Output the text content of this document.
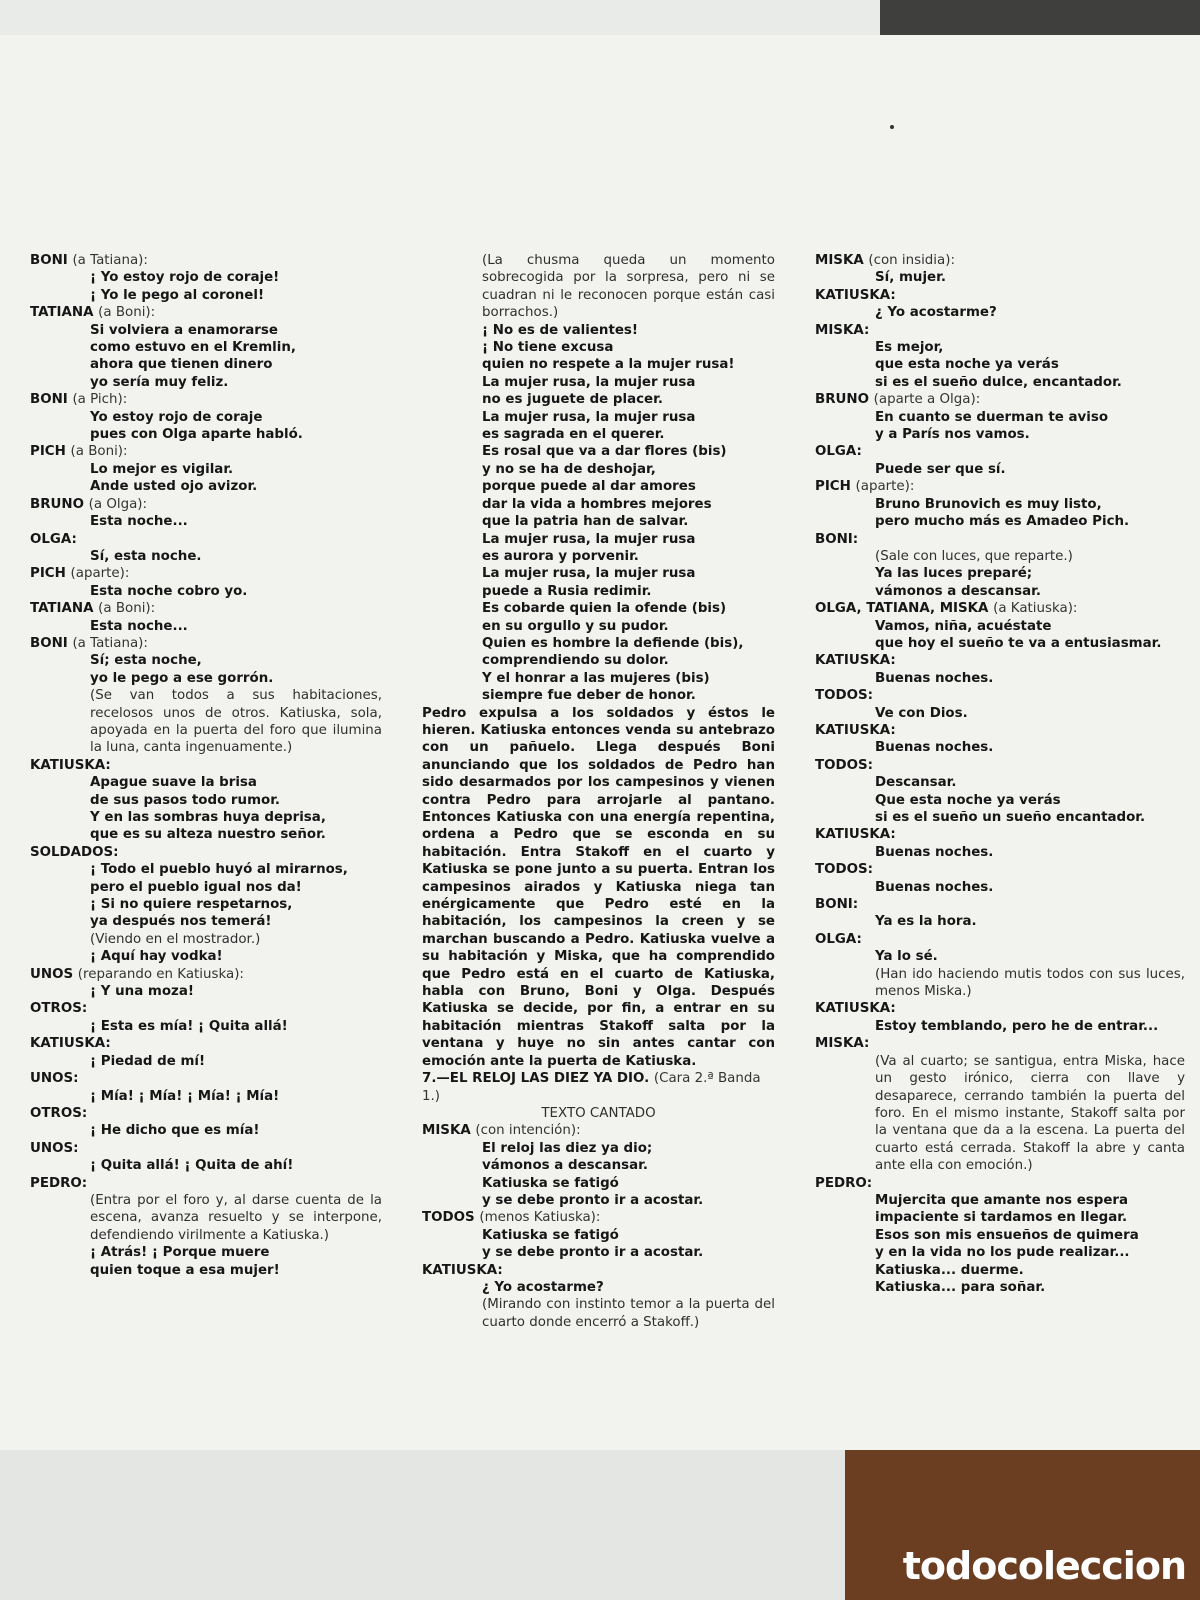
BONI (a Tatiana):
¡ Yo estoy rojo de coraje!
¡ Yo le pego al coronel!
TATIANA (a Boni):
Si volviera a enamorarse
como estuvo en el Kremlin,
ahora que tienen dinero
yo sería muy feliz.
BONI (a Pich):
Yo estoy rojo de coraje
pues con Olga aparte habló.
PICH (a Boni):
Lo mejor es vigilar.
Ande usted ojo avizor.
BRUNO (a Olga):
Esta noche...
OLGA:
Sí, esta noche.
PICH (aparte):
Esta noche cobro yo.
TATIANA (a Boni):
Esta noche...
BONI (a Tatiana):
Sí; esta noche,
yo le pego a ese gorrón.
(Se van todos a sus habitaciones, recelosos unos de otros. Katiuska, sola, apoyada en la puerta del foro que ilumina la luna, canta ingenuamente.)
KATIUSKA:
Apague suave la brisa
de sus pasos todo rumor.
Y en las sombras huya deprisa,
que es su alteza nuestro señor.
SOLDADOS:
¡ Todo el pueblo huyó al mirarnos,
pero el pueblo igual nos da!
¡ Si no quiere respetarnos,
ya después nos temerá!
(Viendo en el mostrador.)
¡ Aquí hay vodka!
UNOS (reparando en Katiuska):
¡ Y una moza!
OTROS:
¡ Esta es mía! ¡ Quita allá!
KATIUSKA:
¡ Piedad de mí!
UNOS:
¡ Mía! ¡ Mía! ¡ Mía! ¡ Mía!
OTROS:
¡ He dicho que es mía!
UNOS:
¡ Quita allá! ¡ Quita de ahí!
PEDRO:
(Entra por el foro y, al darse cuenta de la escena, avanza resuelto y se interpone, defendiendo virilmente a Katiuska.)
¡ Atrás! ¡ Porque muere
quien toque a esa mujer!
(La chusma queda un momento sobrecogida por la sorpresa, pero ni se cuadran ni le reconocen porque están casi borrachos.)
¡ No es de valientes!
¡ No tiene excusa
quien no respete a la mujer rusa!
La mujer rusa, la mujer rusa
no es juguete de placer.
La mujer rusa, la mujer rusa
es sagrada en el querer.
Es rosal que va a dar flores (bis)
y no se ha de deshojar,
porque puede al dar amores
dar la vida a hombres mejores
que la patria han de salvar.
La mujer rusa, la mujer rusa
es aurora y porvenir.
La mujer rusa, la mujer rusa
puede a Rusia redimir.
Es cobarde quien la ofende (bis)
en su orgullo y su pudor.
Quien es hombre la defiende (bis),
comprendiendo su dolor.
Y el honrar a las mujeres (bis)
siempre fue deber de honor.
Pedro expulsa a los soldados y éstos le hieren. Katiuska entonces venda su antebrazo con un pañuelo. Llega después Boni anunciando que los soldados de Pedro han sido desarmados por los campesinos y vienen contra Pedro para arrojarle al pantano. Entonces Katiuska con una energía repentina, ordena a Pedro que se esconda en su habitación. Entra Stakoff en el cuarto y Katiuska se pone junto a su puerta. Entran los campesinos airados y Katiuska niega tan enérgicamente que Pedro esté en la habitación, los campesinos la creen y se marchan buscando a Pedro. Katiuska vuelve a su habitación y Miska, que ha comprendido que Pedro está en el cuarto de Katiuska, habla con Bruno, Boni y Olga. Después Katiuska se decide, por fin, a entrar en su habitación mientras Stakoff salta por la ventana y huye no sin antes cantar con emoción ante la puerta de Katiuska.
7.—EL RELOJ LAS DIEZ YA DIO. (Cara 2.ª Banda 1.)
TEXTO CANTADO
MISKA (con intención):
El reloj las diez ya dio;
vámonos a descansar.
Katiuska se fatigó
y se debe pronto ir a acostar.
TODOS (menos Katiuska):
Katiuska se fatigó
y se debe pronto ir a acostar.
KATIUSKA:
¿ Yo acostarme?
(Mirando con instinto temor a la puerta del cuarto donde encerró a Stakoff.)
MISKA (con insidia):
Sí, mujer.
KATIUSKA:
¿ Yo acostarme?
MISKA:
Es mejor,
que esta noche ya verás
si es el sueño dulce, encantador.
BRUNO (aparte a Olga):
En cuanto se duerman te aviso
y a París nos vamos.
OLGA:
Puede ser que sí.
PICH (aparte):
Bruno Brunovich es muy listo,
pero mucho más es Amadeo Pich.
BONI:
(Sale con luces, que reparte.)
Ya las luces preparé;
vámonos a descansar.
OLGA, TATIANA, MISKA (a Katiuska):
Vamos, niña, acuéstate
que hoy el sueño te va a entusiasmar.
KATIUSKA:
Buenas noches.
TODOS:
Ve con Dios.
KATIUSKA:
Buenas noches.
TODOS:
Descansar.
Que esta noche ya verás
si es el sueño un sueño encantador.
KATIUSKA:
Buenas noches.
TODOS:
Buenas noches.
BONI:
Ya es la hora.
OLGA:
Ya lo sé.
(Han ido haciendo mutis todos con sus luces, menos Miska.)
KATIUSKA:
Estoy temblando, pero he de entrar...
MISKA:
(Va al cuarto; se santigua, entra Miska, hace un gesto irónico, cierra con llave y desaparece, cerrando también la puerta del foro. En el mismo instante, Stakoff salta por la ventana que da a la escena. La puerta del cuarto está cerrada. Stakoff la abre y canta ante ella con emoción.)
PEDRO:
Mujercita que amante nos espera
impaciente si tardamos en llegar.
Esos son mis ensueños de quimera
y en la vida no los pude realizar...
Katiuska... duerme.
Katiuska... para soñar.
todocoleccion
